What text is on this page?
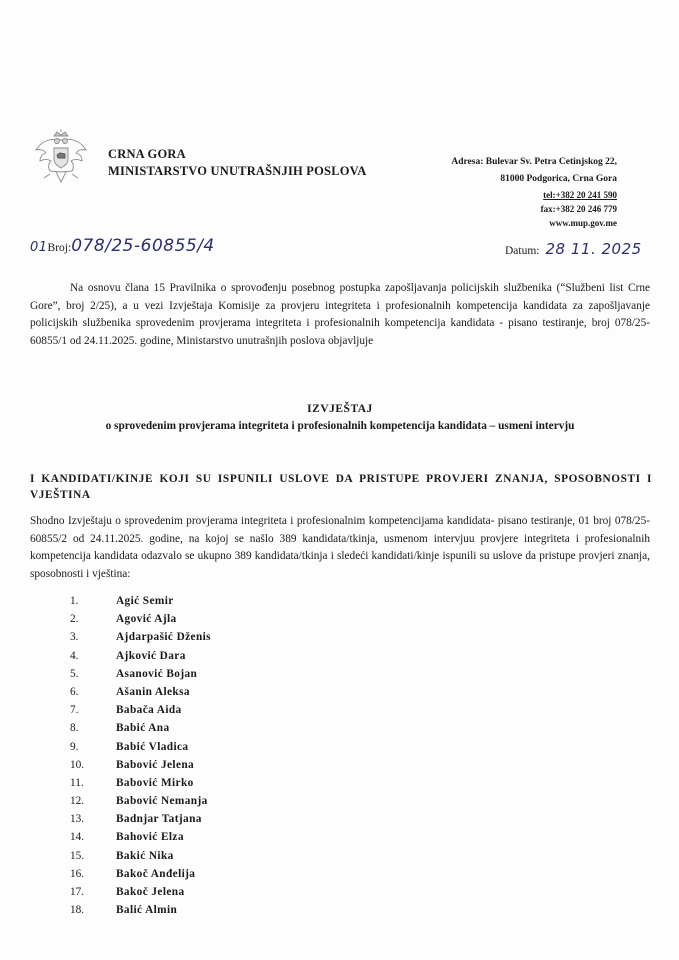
CRNA GORA
MINISTARSTVO UNUTRAŠNJIH POSLOVA
Adresa: Bulevar Sv. Petra Cetinjskog 22,
81000 Podgorica, Crna Gora
tel:+382 20 241 590
fax:+382 20 246 779
www.mup.gov.me
01 Broj: 078/25-60855/4	Datum: 28 11. 2025
Na osnovu člana 15 Pravilnika o sprovođenju posebnog postupka zapošljavanja policijskih službenika (“Službeni list Crne Gore”, broj 2/25), a u vezi Izvještaja Komisije za provjeru integriteta i profesionalnih kompetencija kandidata za zapošljavanje policijskih službenika sprovedenim provjerama integriteta i profesionalnih kompetencija kandidata - pisano testiranje, broj 078/25-60855/1 od 24.11.2025. godine, Ministarstvo unutrašnjih poslova objavljuje
IZVJEŠTAJ
o sprovedenim provjerama integriteta i profesionalnih kompetencija kandidata – usmeni intervju
I KANDIDATI/KINJE KOJI SU ISPUNILI USLOVE DA PRISTUPE PROVJERI ZNANJA, SPOSOBNOSTI I VJEŠTINA
Shodno Izvještaju o sprovedenim provjerama integriteta i profesionalnim kompetencijama kandidata- pisano testiranje, 01 broj 078/25-60855/2 od 24.11.2025. godine, na kojoj se našlo 389 kandidata/tkinja, usmenom intervjuu provjere integriteta i profesionalnih kompetencija kandidata odazvalo se ukupno 389 kandidata/tkinja i sledeći kandidati/kinje ispunili su uslove da pristupe provjeri znanja, sposobnosti i vještina:
1.	Agić Semir
2.	Agović Ajla
3.	Ajdarpašić Dženis
4.	Ajković Dara
5.	Asanović Bojan
6.	Ašanin Aleksa
7.	Babača Aida
8.	Babić Ana
9.	Babić Vladica
10.	Babović Jelena
11.	Babović Mirko
12.	Babović Nemanja
13.	Badnjar Tatjana
14.	Bahović Elza
15.	Bakić Nika
16.	Bakoč Anđelija
17.	Bakoč Jelena
18.	Balić Almin
